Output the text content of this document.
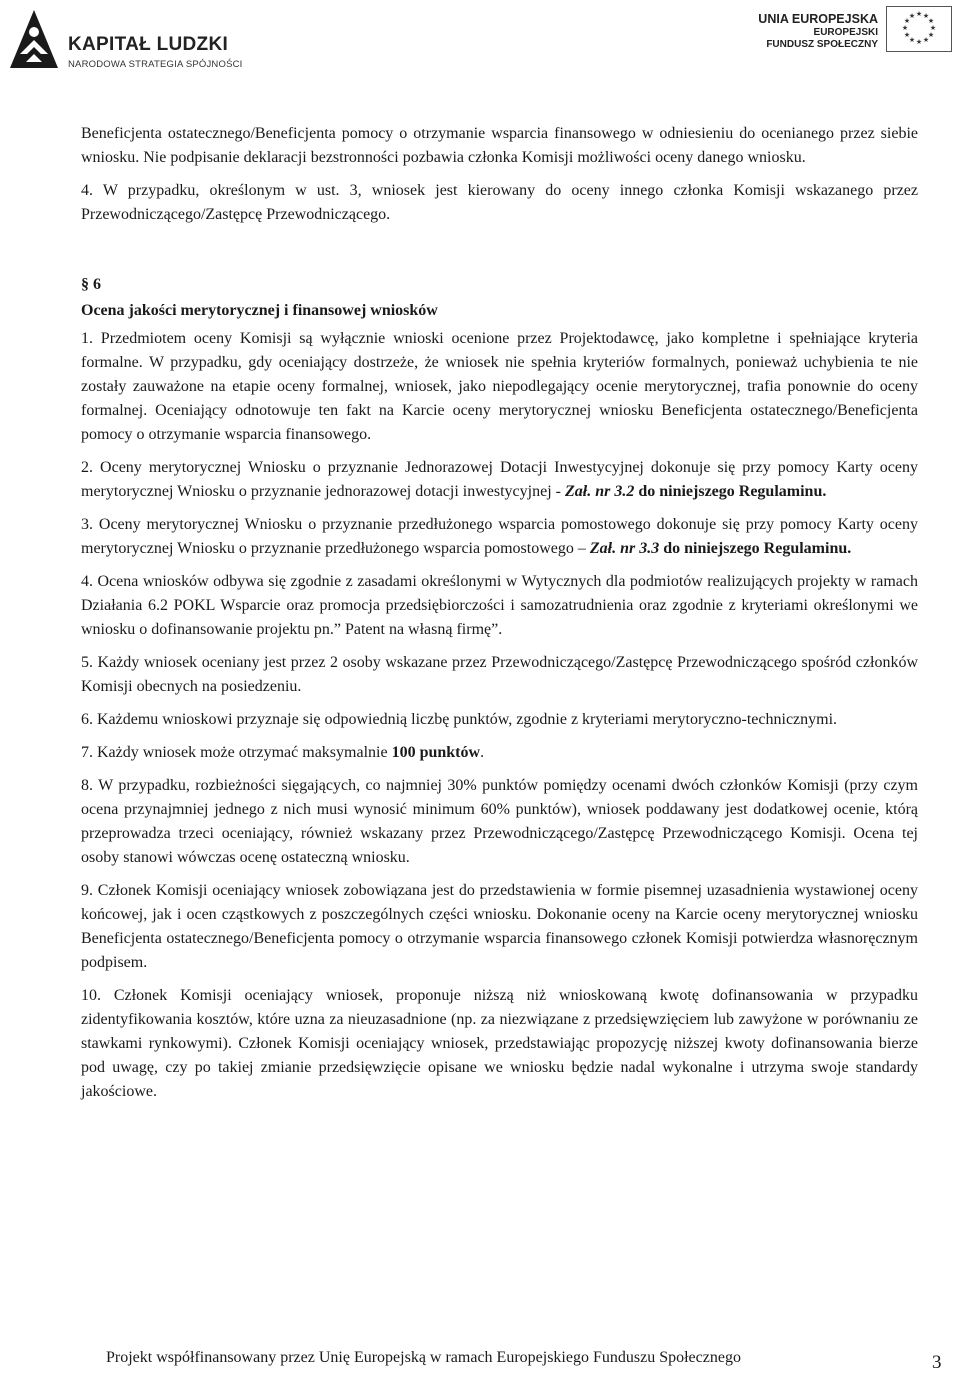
KAPITAŁ LUDZKI
NARODOWA STRATEGIA SPÓJNOŚCI
UNIA EUROPEJSKA
EUROPEJSKI
FUNDUSZ SPOŁECZNY
★ ★
★
★
★
★
★
★
★
★
★
★

Beneficjenta ostatecznego/Beneficjenta pomocy o otrzymanie wsparcia finansowego w odniesieniu do ocenianego przez siebie wniosku. Nie podpisanie deklaracji bezstronności pozbawia członka Komisji możliwości oceny danego wniosku.

4. W przypadku, określonym w ust. 3, wniosek jest kierowany do oceny innego członka Komisji wskazanego przez Przewodniczącego/Zastępcę Przewodniczącego.

§ 6

Ocena jakości merytorycznej i finansowej wniosków

1. Przedmiotem oceny Komisji są wyłącznie wnioski ocenione przez Projektodawcę, jako kompletne i spełniające kryteria formalne. W przypadku, gdy oceniający dostrzeże, że wniosek nie spełnia kryteriów formalnych, ponieważ uchybienia te nie zostały zauważone na etapie oceny formalnej, wniosek, jako niepodlegający ocenie merytorycznej, trafia ponownie do oceny formalnej. Oceniający odnotowuje ten fakt na Karcie oceny merytorycznej wniosku Beneficjenta ostatecznego/Beneficjenta pomocy o otrzymanie wsparcia finansowego.

2. Oceny merytorycznej Wniosku o przyznanie Jednorazowej Dotacji Inwestycyjnej dokonuje się przy pomocy Karty oceny merytorycznej Wniosku o przyznanie jednorazowej dotacji inwestycyjnej - Zał. nr 3.2 do niniejszego Regulaminu.

3. Oceny merytorycznej Wniosku o przyznanie przedłużonego wsparcia pomostowego dokonuje się przy pomocy Karty oceny merytorycznej Wniosku o przyznanie przedłużonego wsparcia pomostowego – Zał. nr 3.3 do niniejszego Regulaminu.

4. Ocena wniosków odbywa się zgodnie z zasadami określonymi w Wytycznych dla podmiotów realizujących projekty w ramach Działania 6.2 POKL Wsparcie oraz promocja przedsiębiorczości i samozatrudnienia oraz zgodnie z kryteriami określonymi we wniosku o dofinansowanie projektu pn.” Patent na własną firmę”.

5. Każdy wniosek oceniany jest przez 2 osoby wskazane przez Przewodniczącego/Zastępcę Przewodniczącego spośród członków Komisji obecnych na posiedzeniu.

6. Każdemu wnioskowi przyznaje się odpowiednią liczbę punktów, zgodnie z kryteriami merytoryczno-technicznymi.

7. Każdy wniosek może otrzymać maksymalnie 100 punktów.

8. W przypadku, rozbieżności sięgających, co najmniej 30% punktów pomiędzy ocenami dwóch członków Komisji (przy czym ocena przynajmniej jednego z nich musi wynosić minimum 60% punktów), wniosek poddawany jest dodatkowej ocenie, którą przeprowadza trzeci oceniający, również wskazany przez Przewodniczącego/Zastępcę Przewodniczącego Komisji. Ocena tej osoby stanowi wówczas ocenę ostateczną wniosku.

9. Członek Komisji oceniający wniosek zobowiązana jest do przedstawienia w formie pisemnej uzasadnienia wystawionej oceny końcowej, jak i ocen cząstkowych z poszczególnych części wniosku. Dokonanie oceny na Karcie oceny merytorycznej wniosku Beneficjenta ostatecznego/Beneficjenta pomocy o otrzymanie wsparcia finansowego członek Komisji potwierdza własnoręcznym podpisem.

10. Członek Komisji oceniający wniosek, proponuje niższą niż wnioskowaną kwotę dofinansowania w przypadku zidentyfikowania kosztów, które uzna za nieuzasadnione (np. za niezwiązane z przedsięwzięciem lub zawyżone w porównaniu ze stawkami rynkowymi). Członek Komisji oceniający wniosek, przedstawiając propozycję niższej kwoty dofinansowania bierze pod uwagę, czy po takiej zmianie przedsięwzięcie opisane we wniosku będzie nadal wykonalne i utrzyma swoje standardy jakościowe.

Projekt współfinansowany przez Unię Europejską w ramach Europejskiego Funduszu Społecznego	3
